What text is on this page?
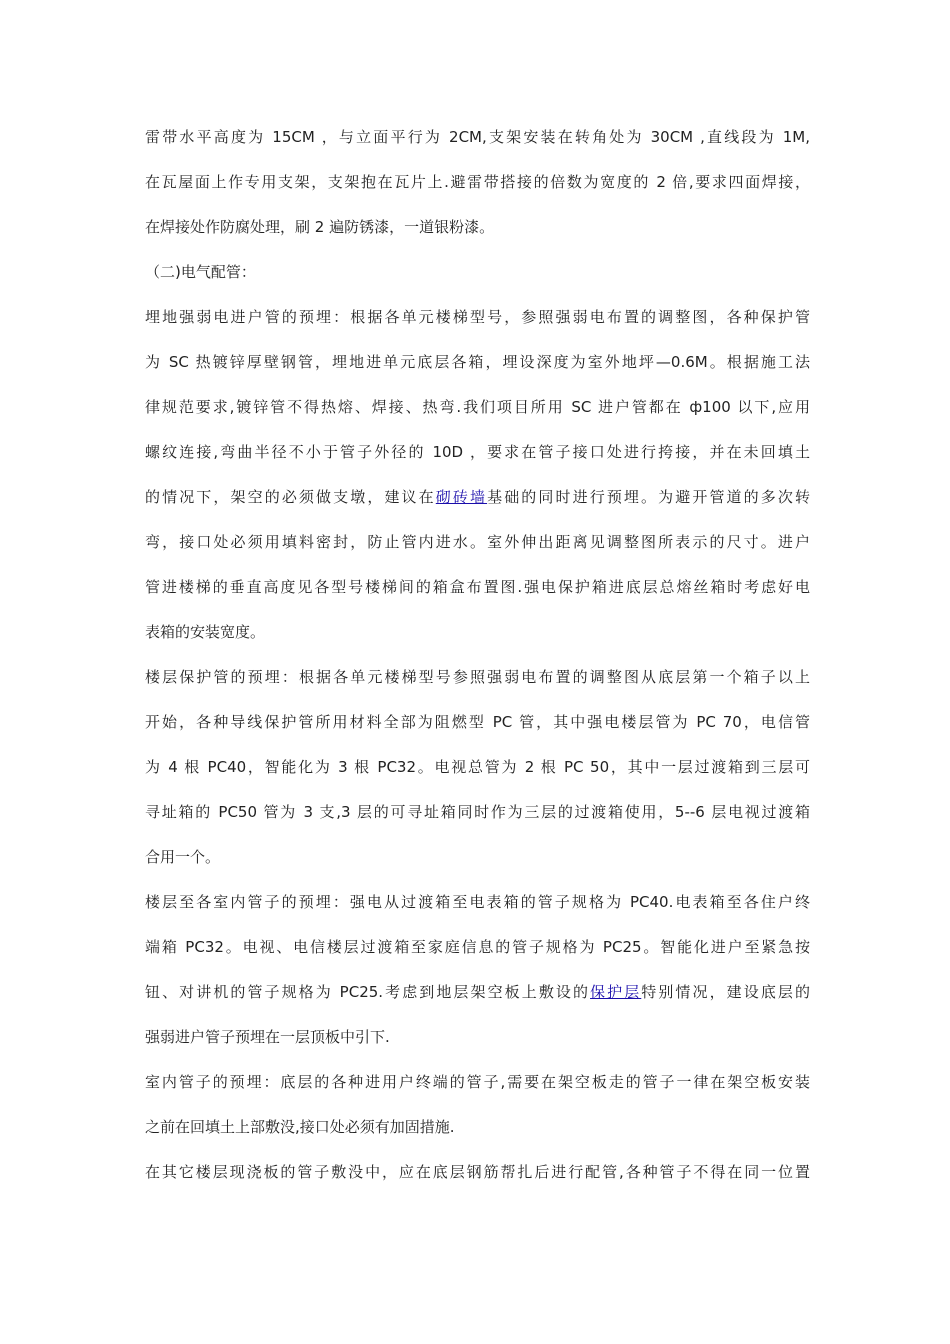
雷带水平高度为 15CM ，与立面平行为 2CM,支架安装在转角处为 30CM ,直线段为 1M,
在瓦屋面上作专用支架，支架抱在瓦片上.避雷带搭接的倍数为宽度的 2 倍,要求四面焊接，
在焊接处作防腐处理，刷 2 遍防锈漆，一道银粉漆。
（二)电气配管：
埋地强弱电进户管的预埋：根据各单元楼梯型号，参照强弱电布置的调整图，各种保护管
为 SC 热镀锌厚壁钢管，埋地进单元底层各箱，埋设深度为室外地坪—0.6M。根据施工法
律规范要求,镀锌管不得热熔、焊接、热弯.我们项目所用 SC 进户管都在 ф100 以下,应用
螺纹连接,弯曲半径不小于管子外径的 10D ，要求在管子接口处进行挎接，并在未回填土
的情况下，架空的必须做支墩，建议在砌砖墙基础的同时进行预埋。为避开管道的多次转
弯，接口处必须用填料密封，防止管内进水。室外伸出距离见调整图所表示的尺寸。进户
管进楼梯的垂直高度见各型号楼梯间的箱盒布置图.强电保护箱进底层总熔丝箱时考虑好电
表箱的安装宽度。
楼层保护管的预埋：根据各单元楼梯型号参照强弱电布置的调整图从底层第一个箱子以上
开始，各种导线保护管所用材料全部为阻燃型 PC 管，其中强电楼层管为 PC 70，电信管
为 4 根 PC40，智能化为 3 根 PC32。电视总管为 2 根 PC 50，其中一层过渡箱到三层可
寻址箱的 PC50 管为 3 支,3 层的可寻址箱同时作为三层的过渡箱使用，5--6 层电视过渡箱
合用一个。
楼层至各室内管子的预埋：强电从过渡箱至电表箱的管子规格为 PC40.电表箱至各住户终
端箱 PC32。电视、电信楼层过渡箱至家庭信息的管子规格为 PC25。智能化进户至紧急按
钮、对讲机的管子规格为 PC25.考虑到地层架空板上敷设的保护层特别情况，建设底层的
强弱进户管子预埋在一层顶板中引下.
室内管子的预埋：底层的各种进用户终端的管子,需要在架空板走的管子一律在架空板安装
之前在回填土上部敷没,接口处必须有加固措施.
在其它楼层现浇板的管子敷没中，应在底层钢筋帮扎后进行配管,各种管子不得在同一位置
